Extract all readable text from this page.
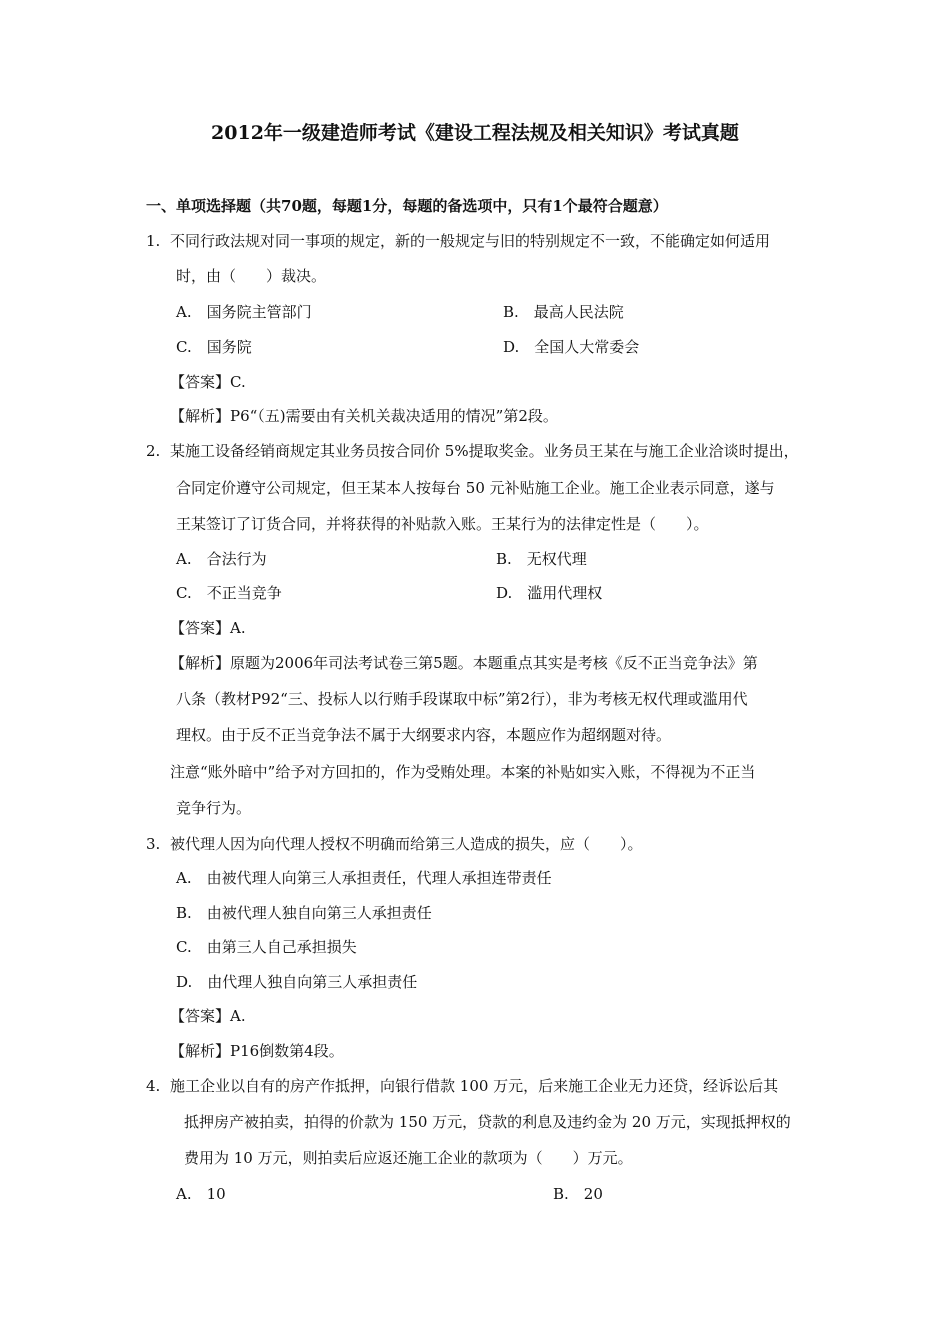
2012年一级建造师考试《建设工程法规及相关知识》考试真题
一、单项选择题（共70题，每题1分，每题的备选项中，只有1个最符合题意）
1. 不同行政法规对同一事项的规定，新的一般规定与旧的特别规定不一致，不能确定如何适用
时，由（　　）裁决。
A.　国务院主管部门	B.　最高人民法院
C.　国务院	D.　全国人大常委会
【答案】C.
【解析】P6“（五)需要由有关机关裁决适用的情况”第2段。
2. 某施工设备经销商规定其业务员按合同价 5%提取奖金。业务员王某在与施工企业洽谈时提出，
合同定价遵守公司规定，但王某本人按每台 50 元补贴施工企业。施工企业表示同意，遂与
王某签订了订货合同，并将获得的补贴款入账。王某行为的法律定性是（　　）。
A.　合法行为	B.　无权代理
C.　不正当竞争	D.　滥用代理权
【答案】A.
【解析】原题为2006年司法考试卷三第5题。本题重点其实是考核《反不正当竞争法》第
八条（教材P92“三、投标人以行贿手段谋取中标”第2行），非为考核无权代理或滥用代
理权。由于反不正当竞争法不属于大纲要求内容，本题应作为超纲题对待。
注意“账外暗中”给予对方回扣的，作为受贿处理。本案的补贴如实入账，不得视为不正当
竞争行为。
3. 被代理人因为向代理人授权不明确而给第三人造成的损失，应（　　）。
A.　由被代理人向第三人承担责任，代理人承担连带责任
B.　由被代理人独自向第三人承担责任
C.　由第三人自己承担损失
D.　由代理人独自向第三人承担责任
【答案】A.
【解析】P16倒数第4段。
4. 施工企业以自有的房产作抵押，向银行借款 100 万元，后来施工企业无力还贷，经诉讼后其
抵押房产被拍卖，拍得的价款为 150 万元，贷款的利息及违约金为 20 万元，实现抵押权的
费用为 10 万元，则拍卖后应返还施工企业的款项为（　　）万元。
A.　10	B.　20
